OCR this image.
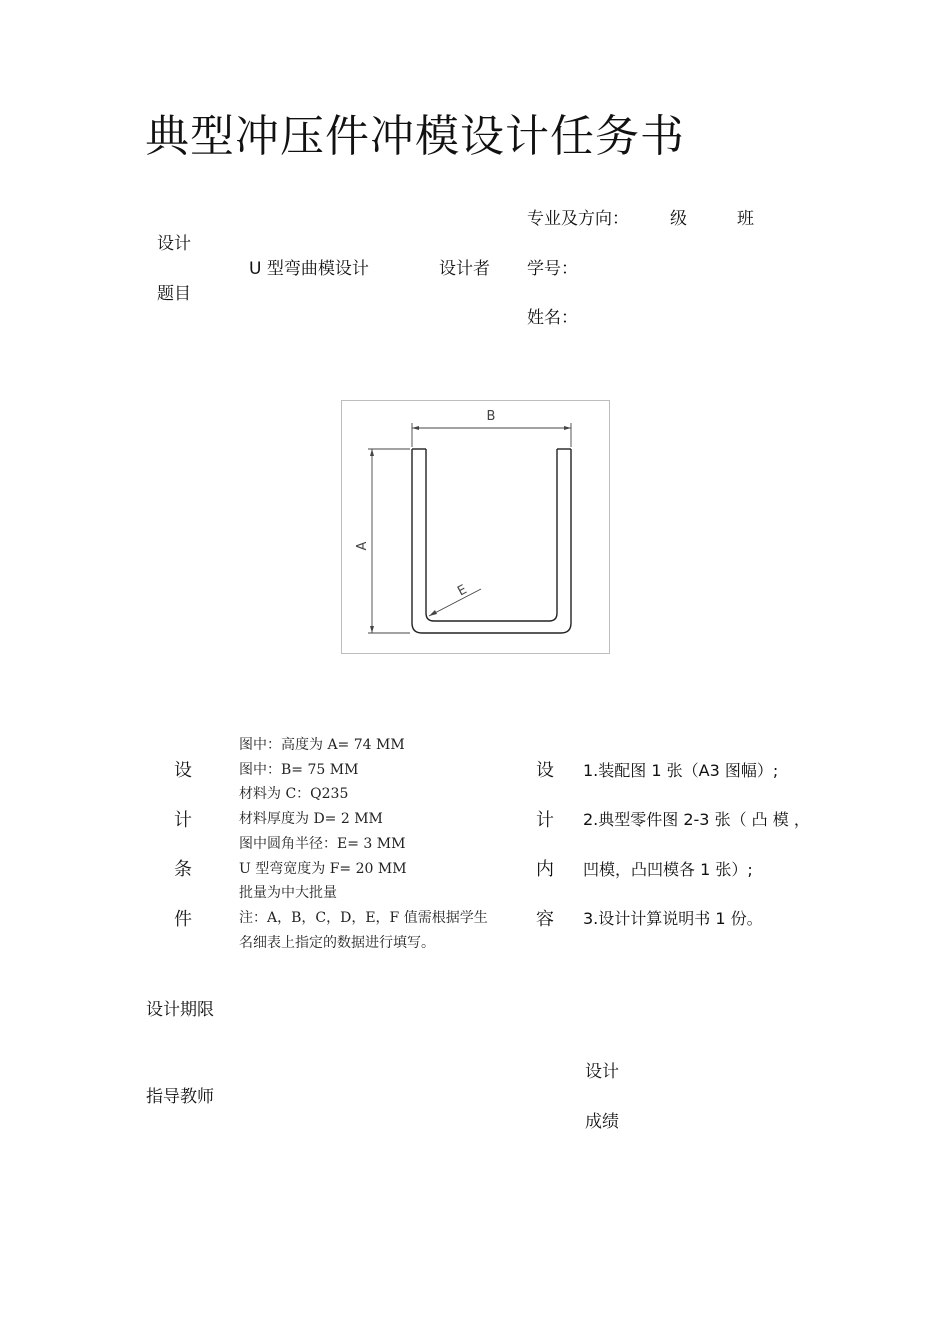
典型冲压件冲模设计任务书
设计
题目
U 型弯曲模设计	设计者
专业及方向： 级	班
学号：
姓名：
B
A
E
设
计
条
件
图中：高度为 A= 74 MM
图中：B= 75 MM
材料为 C：Q235
材料厚度为 D= 2 MM
图中圆角半径：E= 3 MM
U 型弯宽度为 F= 20 MM
批量为中大批量
注：A，B，C，D，E，F 值需根据学生
名细表上指定的数据进行填写。
设
计
内
容
1.装配图 1 张（A3 图幅）;
2.典型零件图 2-3 张（ 凸 模 ，
凹模，凸凹模各 1 张）;
3.设计计算说明书 1 份。
设计期限
指导教师
设计
成绩
